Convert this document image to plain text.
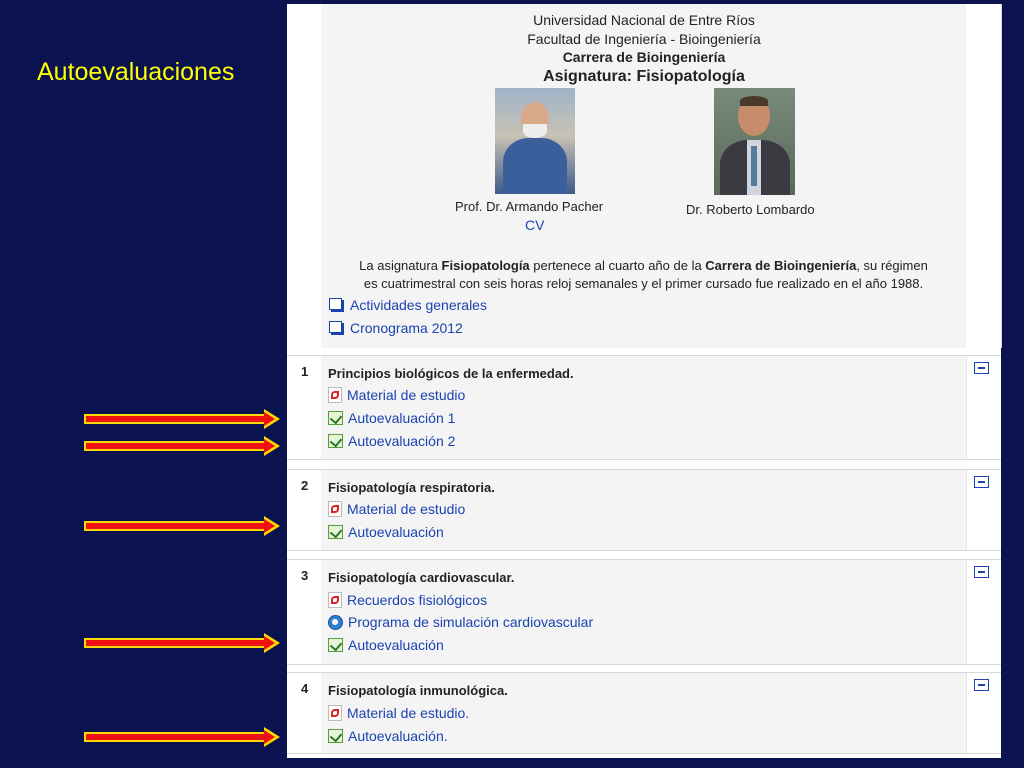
Autoevaluaciones
Universidad Nacional de Entre Ríos
Facultad de Ingeniería - Bioingeniería
Carrera de Bioingeniería
Asignatura: Fisiopatología
Prof. Dr. Armando Pacher
CV
Dr. Roberto Lombardo
La asignatura Fisiopatología pertenece al cuarto año de la Carrera de Bioingeniería, su régimen
es cuatrimestral con seis horas reloj semanales y el primer cursado fue realizado en el año 1988.
Actividades generales
Cronograma 2012
1 Principios biológicos de la enfermedad.
Material de estudio
Autoevaluación 1
Autoevaluación 2
2 Fisiopatología respiratoria.
Material de estudio
Autoevaluación
3 Fisiopatología cardiovascular.
Recuerdos fisiológicos
Programa de simulación cardiovascular
Autoevaluación
4 Fisiopatología inmunológica.
Material de estudio.
Autoevaluación.
